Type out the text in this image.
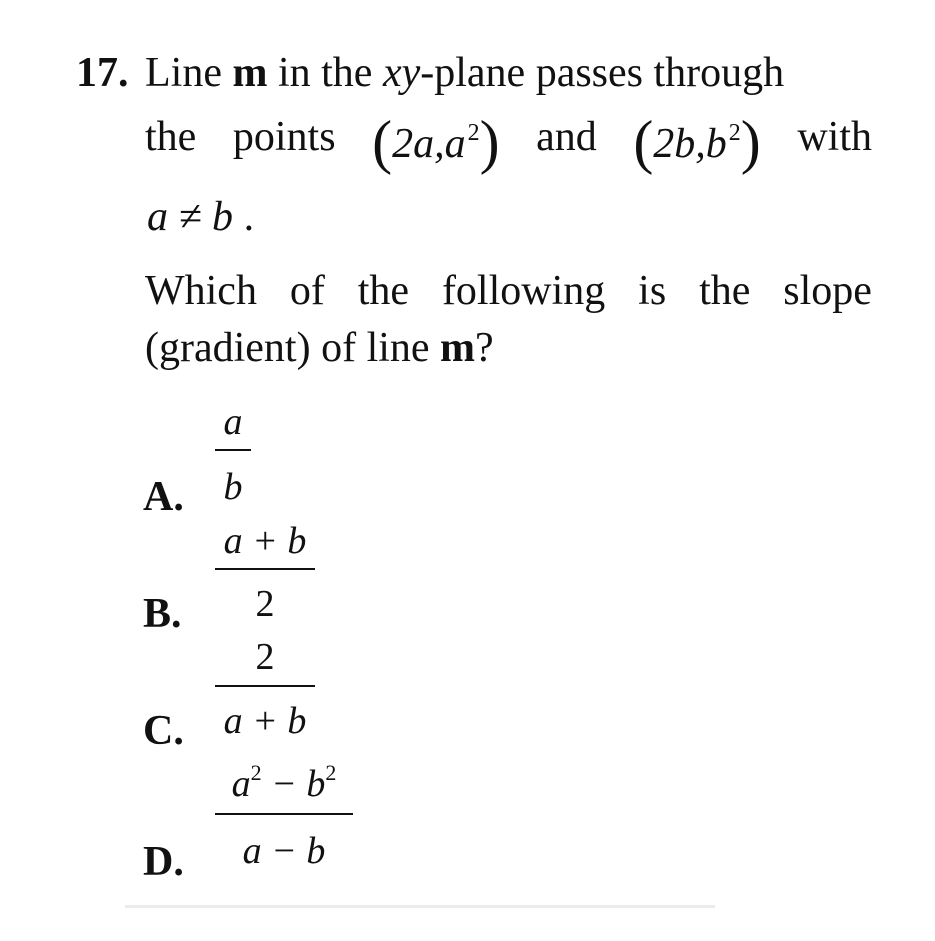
17. Line m in the xy-plane passes through
the points $(2a,a^2)$ and $(2b,b^2)$ with
a ≠ b .
Which of the following is the slope
(gradient) of line m?
A.
a
b
B.
a + b
2
C.
2
a + b
D.
$a^2 - b^2$
a − b
